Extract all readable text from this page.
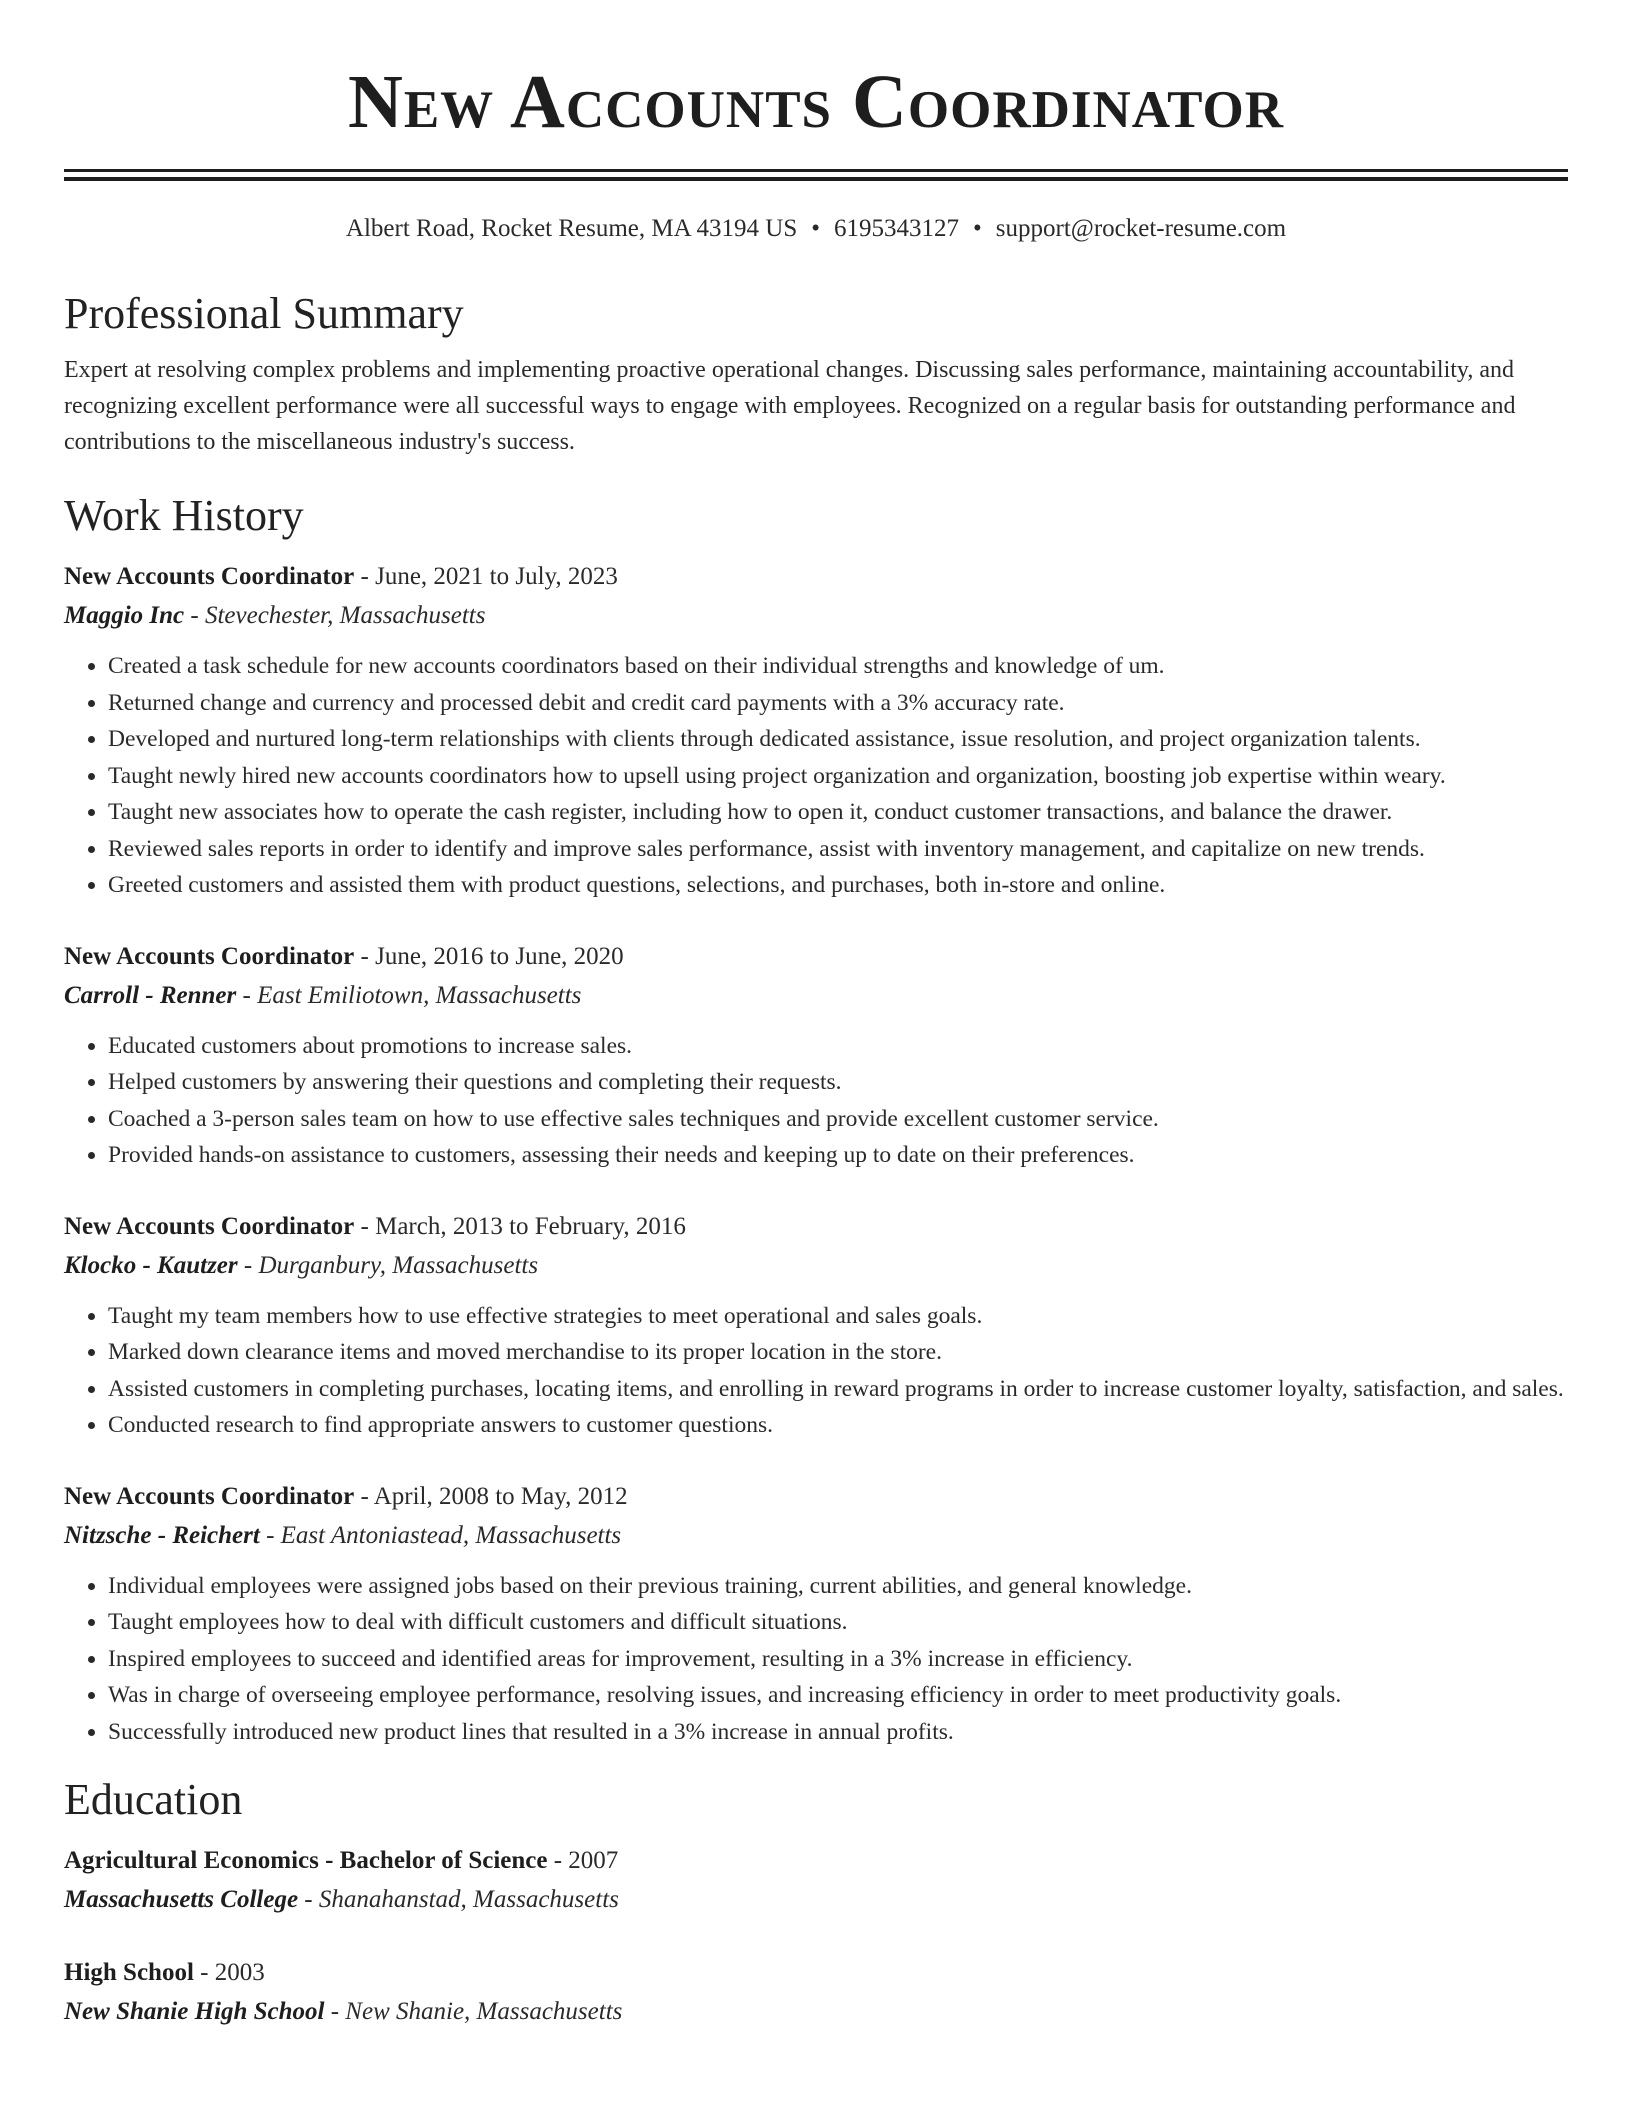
New Accounts Coordinator
Albert Road, Rocket Resume, MA 43194 US • 6195343127 • support@rocket-resume.com
Professional Summary
Expert at resolving complex problems and implementing proactive operational changes. Discussing sales performance, maintaining accountability, and recognizing excellent performance were all successful ways to engage with employees. Recognized on a regular basis for outstanding performance and contributions to the miscellaneous industry's success.
Work History
New Accounts Coordinator - June, 2021 to July, 2023
Maggio Inc - Stevechester, Massachusetts
• Created a task schedule for new accounts coordinators based on their individual strengths and knowledge of um.
• Returned change and currency and processed debit and credit card payments with a 3% accuracy rate.
• Developed and nurtured long-term relationships with clients through dedicated assistance, issue resolution, and project organization talents.
• Taught newly hired new accounts coordinators how to upsell using project organization and organization, boosting job expertise within weary.
• Taught new associates how to operate the cash register, including how to open it, conduct customer transactions, and balance the drawer.
• Reviewed sales reports in order to identify and improve sales performance, assist with inventory management, and capitalize on new trends.
• Greeted customers and assisted them with product questions, selections, and purchases, both in-store and online.
New Accounts Coordinator - June, 2016 to June, 2020
Carroll - Renner - East Emiliotown, Massachusetts
• Educated customers about promotions to increase sales.
• Helped customers by answering their questions and completing their requests.
• Coached a 3-person sales team on how to use effective sales techniques and provide excellent customer service.
• Provided hands-on assistance to customers, assessing their needs and keeping up to date on their preferences.
New Accounts Coordinator - March, 2013 to February, 2016
Klocko - Kautzer - Durganbury, Massachusetts
• Taught my team members how to use effective strategies to meet operational and sales goals.
• Marked down clearance items and moved merchandise to its proper location in the store.
• Assisted customers in completing purchases, locating items, and enrolling in reward programs in order to increase customer loyalty, satisfaction, and sales.
• Conducted research to find appropriate answers to customer questions.
New Accounts Coordinator - April, 2008 to May, 2012
Nitzsche - Reichert - East Antoniastead, Massachusetts
• Individual employees were assigned jobs based on their previous training, current abilities, and general knowledge.
• Taught employees how to deal with difficult customers and difficult situations.
• Inspired employees to succeed and identified areas for improvement, resulting in a 3% increase in efficiency.
• Was in charge of overseeing employee performance, resolving issues, and increasing efficiency in order to meet productivity goals.
• Successfully introduced new product lines that resulted in a 3% increase in annual profits.
Education
Agricultural Economics - Bachelor of Science - 2007
Massachusetts College - Shanahanstad, Massachusetts
High School - 2003
New Shanie High School - New Shanie, Massachusetts
